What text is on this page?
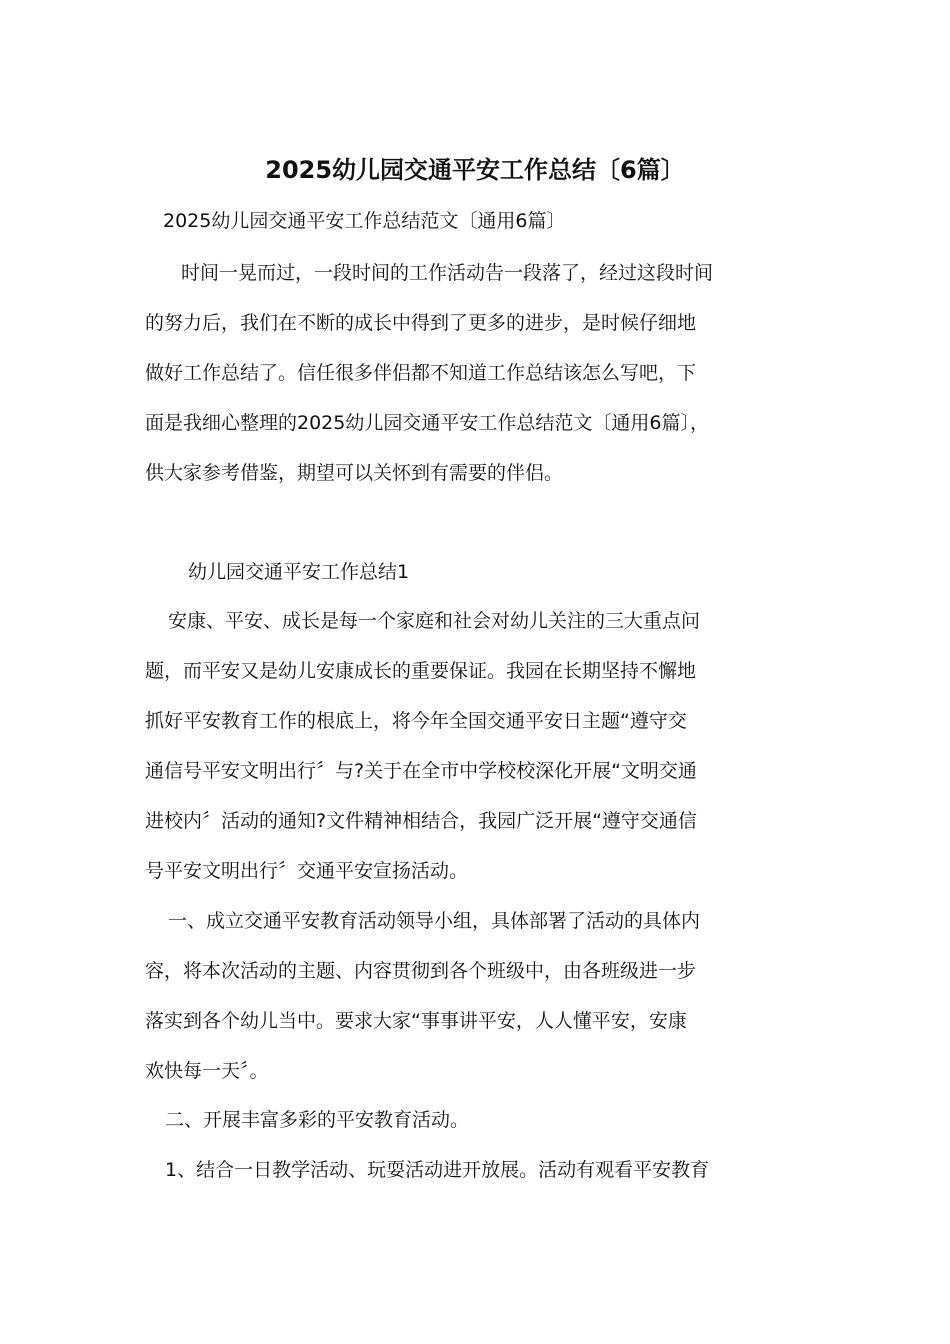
2025幼儿园交通平安工作总结〔6篇〕
2025幼儿园交通平安工作总结范文〔通用6篇〕
时间一晃而过，一段时间的工作活动告一段落了，经过这段时间
的努力后，我们在不断的成长中得到了更多的进步，是时候仔细地
做好工作总结了。信任很多伴侣都不知道工作总结该怎么写吧，下
面是我细心整理的2025幼儿园交通平安工作总结范文〔通用6篇〕，
供大家参考借鉴，期望可以关怀到有需要的伴侣。
幼儿园交通平安工作总结1
安康、平安、成长是每一个家庭和社会对幼儿关注的三大重点问
题，而平安又是幼儿安康成长的重要保证。我园在长期坚持不懈地
抓好平安教育工作的根底上，将今年全国交通平安日主题“遵守交
通信号平安文明出行〞与?关于在全市中学校校深化开展“文明交通
进校内〞活动的通知?文件精神相结合，我园广泛开展“遵守交通信
号平安文明出行〞交通平安宣扬活动。
一、成立交通平安教育活动领导小组，具体部署了活动的具体内
容，将本次活动的主题、内容贯彻到各个班级中，由各班级进一步
落实到各个幼儿当中。要求大家“事事讲平安，人人懂平安，安康
欢快每一天〞。
二、开展丰富多彩的平安教育活动。
1、结合一日教学活动、玩耍活动进开放展。活动有观看平安教育
